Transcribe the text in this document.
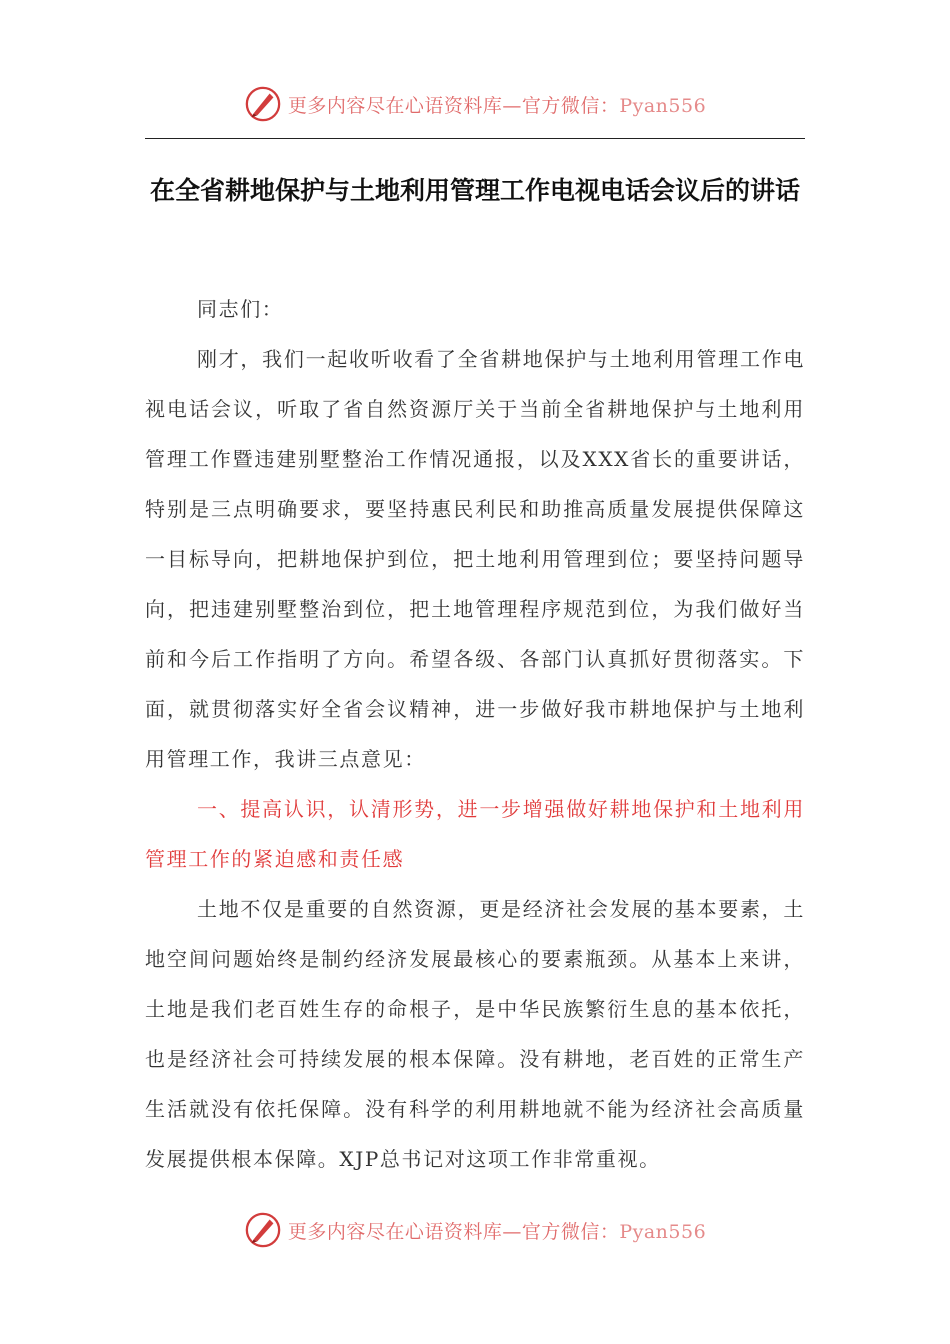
更多内容尽在心语资料库—官方微信：Pyan556
在全省耕地保护与土地利用管理工作电视电话会议后的讲话

同志们：

刚才，我们一起收听收看了全省耕地保护与土地利用管理工作电视电话会议，听取了省自然资源厅关于当前全省耕地保护与土地利用管理工作暨违建别墅整治工作情况通报，以及XXX省长的重要讲话，特别是三点明确要求，要坚持惠民利民和助推高质量发展提供保障这一目标导向，把耕地保护到位，把土地利用管理到位；要坚持问题导向，把违建别墅整治到位，把土地管理程序规范到位，为我们做好当前和今后工作指明了方向。希望各级、各部门认真抓好贯彻落实。下面，就贯彻落实好全省会议精神，进一步做好我市耕地保护与土地利用管理工作，我讲三点意见：

一、提高认识，认清形势，进一步增强做好耕地保护和土地利用管理工作的紧迫感和责任感

土地不仅是重要的自然资源，更是经济社会发展的基本要素，土地空间问题始终是制约经济发展最核心的要素瓶颈。从基本上来讲，土地是我们老百姓生存的命根子，是中华民族繁衍生息的基本依托，也是经济社会可持续发展的根本保障。没有耕地，老百姓的正常生产生活就没有依托保障。没有科学的利用耕地就不能为经济社会高质量发展提供根本保障。XJP总书记对这项工作非常重视。

更多内容尽在心语资料库—官方微信：Pyan556
